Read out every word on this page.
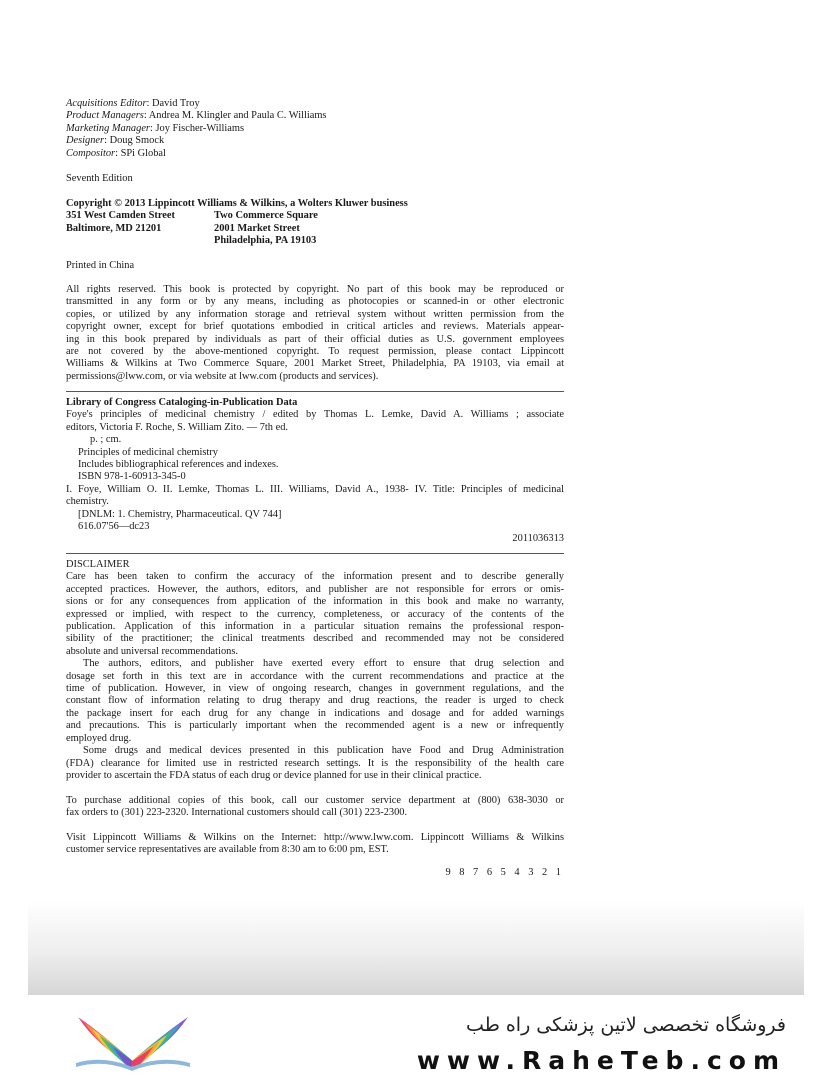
Acquisitions Editor: David Troy
Product Managers: Andrea M. Klingler and Paula C. Williams
Marketing Manager: Joy Fischer-Williams
Designer: Doug Smock
Compositor: SPi Global
Seventh Edition
Copyright © 2013 Lippincott Williams & Wilkins, a Wolters Kluwer business
351 West Camden Street
Baltimore, MD 21201
Two Commerce Square
2001 Market Street
Philadelphia, PA 19103
Printed in China
All rights reserved. This book is protected by copyright. No part of this book may be reproduced or
transmitted in any form or by any means, including as photocopies or scanned-in or other electronic
copies, or utilized by any information storage and retrieval system without written permission from the
copyright owner, except for brief quotations embodied in critical articles and reviews. Materials appear-
ing in this book prepared by individuals as part of their official duties as U.S. government employees
are not covered by the above-mentioned copyright. To request permission, please contact Lippincott
Williams & Wilkins at Two Commerce Square, 2001 Market Street, Philadelphia, PA 19103, via email at
permissions@lww.com, or via website at lww.com (products and services).
Library of Congress Cataloging-in-Publication Data
Foye's principles of medicinal chemistry / edited by Thomas L. Lemke, David A. Williams ; associate
editors, Victoria F. Roche, S. William Zito. — 7th ed.
p. ; cm.
Principles of medicinal chemistry
Includes bibliographical references and indexes.
ISBN 978-1-60913-345-0
I. Foye, William O. II. Lemke, Thomas L. III. Williams, David A., 1938- IV. Title: Principles of medicinal
chemistry.
[DNLM: 1. Chemistry, Pharmaceutical. QV 744]
616.07'56—dc23
2011036313
DISCLAIMER
Care has been taken to confirm the accuracy of the information present and to describe generally
accepted practices. However, the authors, editors, and publisher are not responsible for errors or omis-
sions or for any consequences from application of the information in this book and make no warranty,
expressed or implied, with respect to the currency, completeness, or accuracy of the contents of the
publication. Application of this information in a particular situation remains the professional respon-
sibility of the practitioner; the clinical treatments described and recommended may not be considered
absolute and universal recommendations.
The authors, editors, and publisher have exerted every effort to ensure that drug selection and
dosage set forth in this text are in accordance with the current recommendations and practice at the
time of publication. However, in view of ongoing research, changes in government regulations, and the
constant flow of information relating to drug therapy and drug reactions, the reader is urged to check
the package insert for each drug for any change in indications and dosage and for added warnings
and precautions. This is particularly important when the recommended agent is a new or infrequently
employed drug.
Some drugs and medical devices presented in this publication have Food and Drug Administration
(FDA) clearance for limited use in restricted research settings. It is the responsibility of the health care
provider to ascertain the FDA status of each drug or device planned for use in their clinical practice.
To purchase additional copies of this book, call our customer service department at (800) 638-3030 or
fax orders to (301) 223-2320. International customers should call (301) 223-2300.
Visit Lippincott Williams & Wilkins on the Internet: http://www.lww.com. Lippincott Williams & Wilkins
customer service representatives are available from 8:30 am to 6:00 pm, EST.
9 8 7 6 5 4 3 2 1
فروشگاه تخصصی لاتین پزشکی راه طب
www.RaheTeb.com
